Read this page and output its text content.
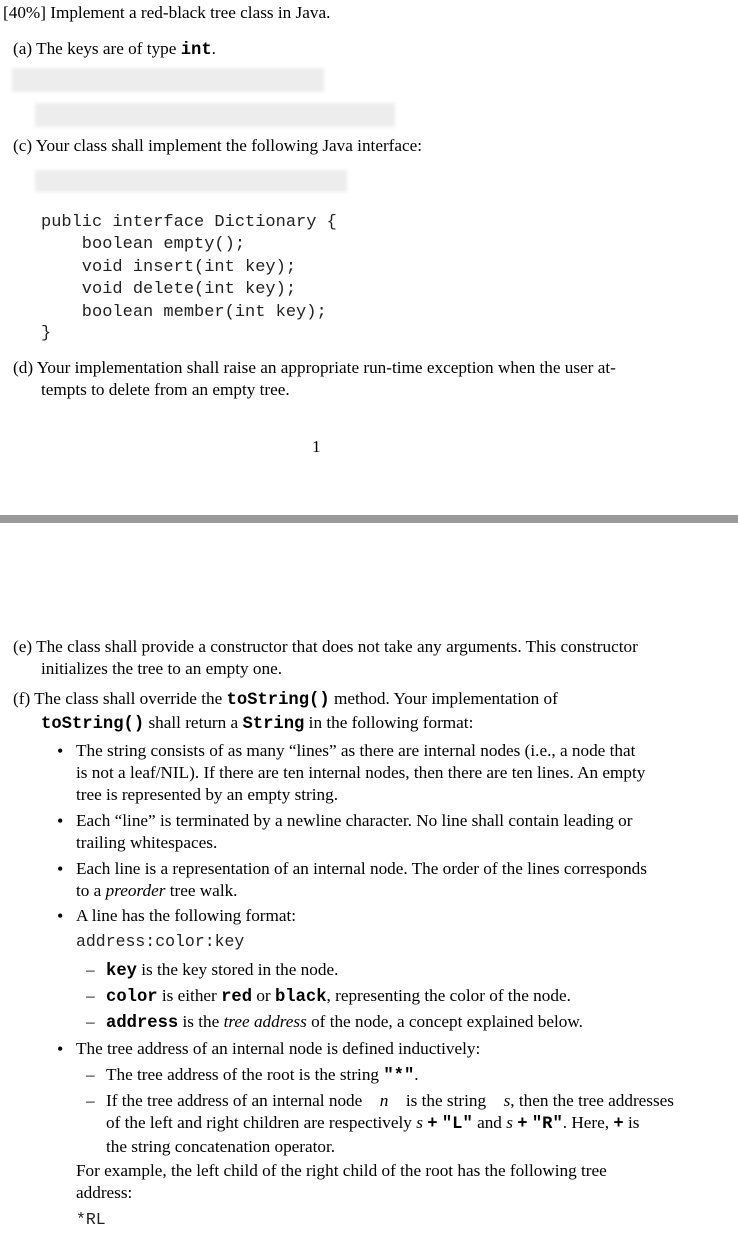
[40%] Implement a red-black tree class in Java.
(a) The keys are of type int.
(c) Your class shall implement the following Java interface:
public interface Dictionary {
boolean empty();
void insert(int key);
void delete(int key);
boolean member(int key);
}
(d) Your implementation shall raise an appropriate run-time exception when the user at-
tempts to delete from an empty tree.
1
(e) The class shall provide a constructor that does not take any arguments. This constructor
initializes the tree to an empty one.
(f) The class shall override the toString() method. Your implementation of
toString() shall return a String in the following format:
• The string consists of as many “lines” as there are internal nodes (i.e., a node that
is not a leaf/NIL). If there are ten internal nodes, then there are ten lines. An empty
tree is represented by an empty string.
• Each “line” is terminated by a newline character. No line shall contain leading or
trailing whitespaces.
• Each line is a representation of an internal node. The order of the lines corresponds
to a preorder tree walk.
• A line has the following format:
address:color:key
– key is the key stored in the node.
– color is either red or black, representing the color of the node.
– address is the tree address of the node, a concept explained below.
• The tree address of an internal node is defined inductively:
– The tree address of the root is the string "*".
– If the tree address of an internal node n is the string s, then the tree addresses
of the left and right children are respectively s + "L" and s + "R". Here, + is
the string concatenation operator.
For example, the left child of the right child of the root has the following tree
address:
*RL
